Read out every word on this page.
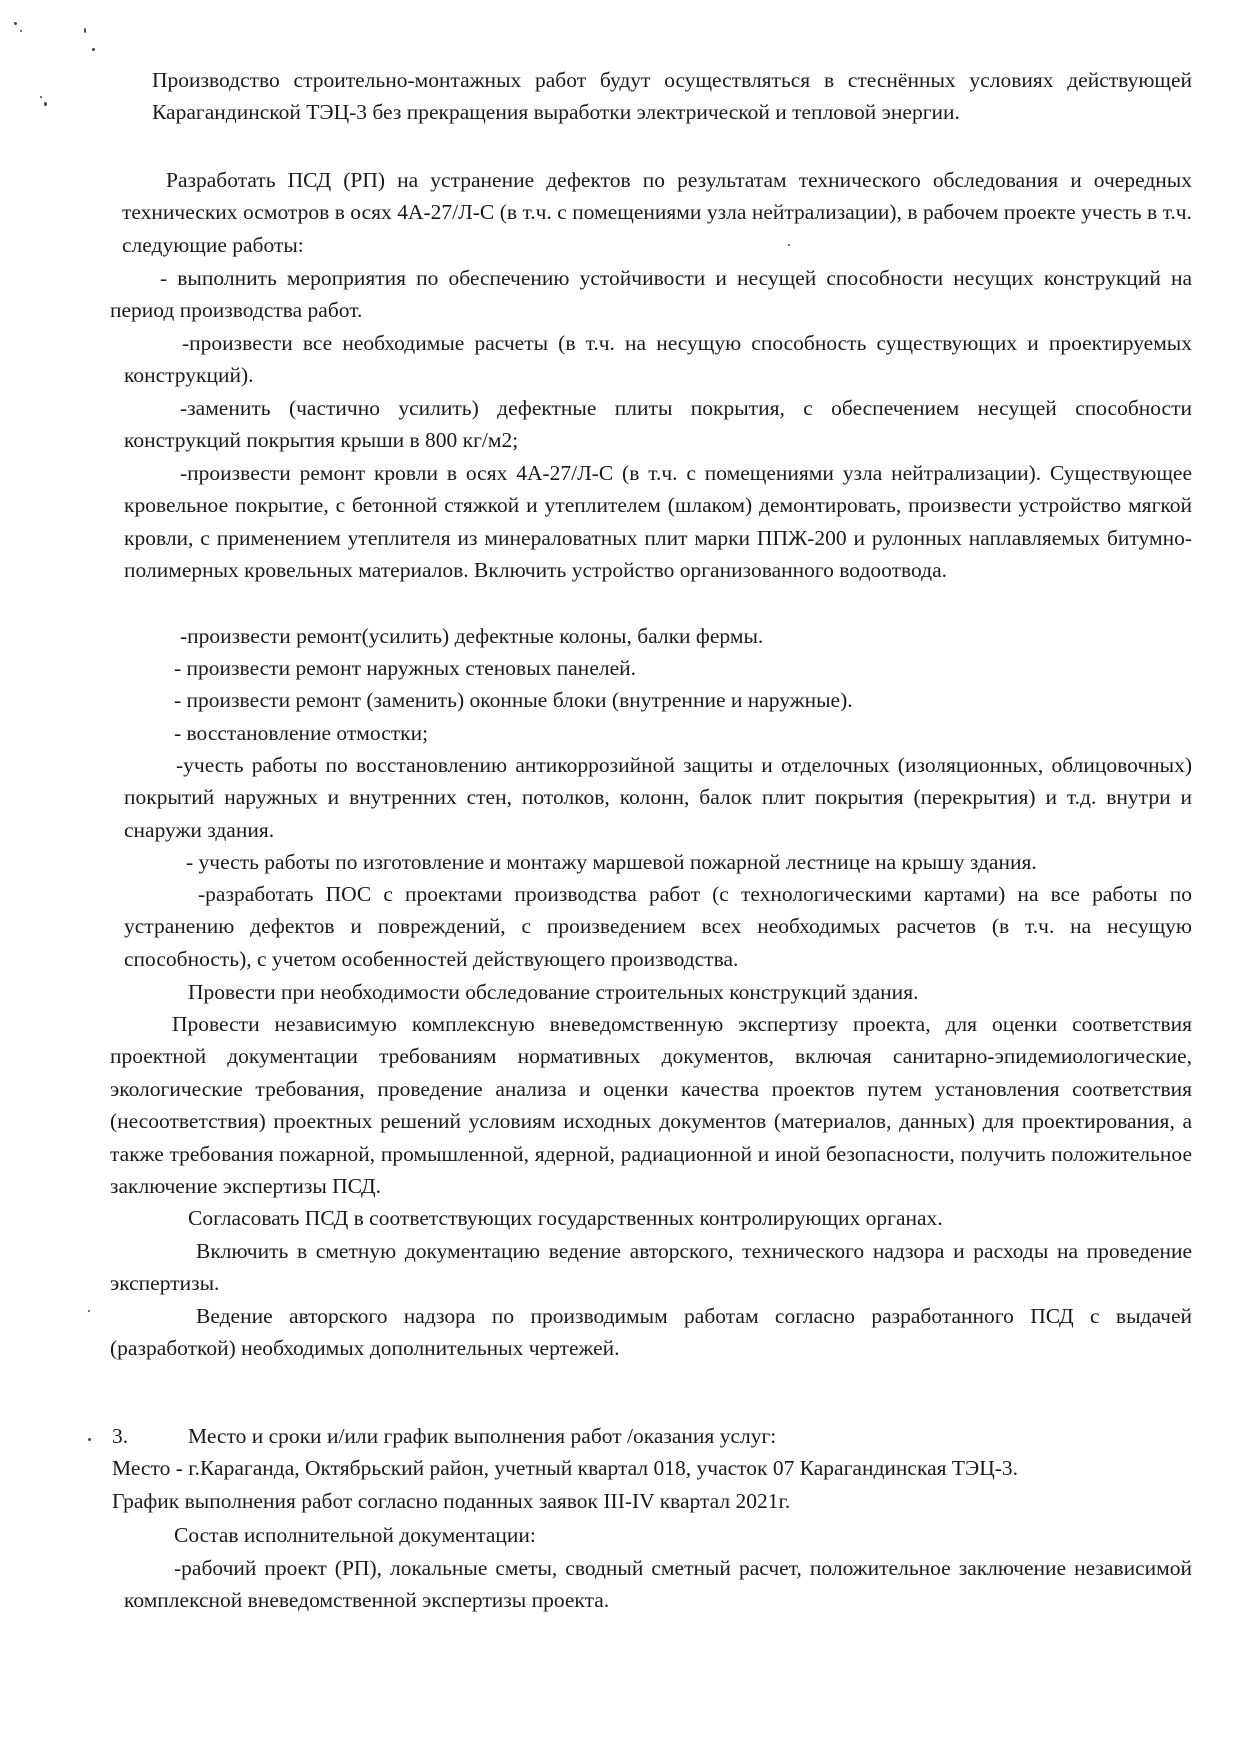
Производство строительно-монтажных работ будут осуществляться в стеснённых условиях действующей Карагандинской ТЭЦ-3 без прекращения выработки электрической и тепловой энергии.

Разработать ПСД (РП) на устранение дефектов по результатам технического обследования и очередных технических осмотров в осях 4А-27/Л-С (в т.ч. с помещениями узла нейтрализации), в рабочем проекте учесть в т.ч. следующие работы:

- выполнить мероприятия по обеспечению устойчивости и несущей способности несущих конструкций на период производства работ.

-произвести все необходимые расчеты (в т.ч. на несущую способность существующих и проектируемых конструкций).

-заменить (частично усилить) дефектные плиты покрытия, с обеспечением несущей способности конструкций покрытия крыши в 800 кг/м2;

-произвести ремонт кровли в осях 4А-27/Л-С (в т.ч. с помещениями узла нейтрализации). Существующее кровельное покрытие, с бетонной стяжкой и утеплителем (шлаком) демонтировать, произвести устройство мягкой кровли, с применением утеплителя из минераловатных плит марки ППЖ-200 и рулонных наплавляемых битумно-полимерных кровельных материалов. Включить устройство организованного водоотвода.

-произвести ремонт(усилить) дефектные колоны, балки фермы.

- произвести ремонт наружных стеновых панелей.

- произвести ремонт (заменить) оконные блоки (внутренние и наружные).

- восстановление отмостки;

-учесть работы по восстановлению антикоррозийной защиты и отделочных (изоляционных, облицовочных) покрытий наружных и внутренних стен, потолков, колонн, балок плит покрытия (перекрытия) и т.д. внутри и снаружи здания.

- учесть работы по изготовление и монтажу маршевой пожарной лестнице на крышу здания.

-разработать ПОС с проектами производства работ (с технологическими картами) на все работы по устранению дефектов и повреждений, с произведением всех необходимых расчетов (в т.ч. на несущую способность), с учетом особенностей действующего производства.

Провести при необходимости обследование строительных конструкций здания.

Провести независимую комплексную вневедомственную экспертизу проекта, для оценки соответствия проектной документации требованиям нормативных документов, включая санитарно-эпидемиологические, экологические требования, проведение анализа и оценки качества проектов путем установления соответствия (несоответствия) проектных решений условиям исходных документов (материалов, данных) для проектирования, а также требования пожарной, промышленной, ядерной, радиационной и иной безопасности, получить положительное заключение экспертизы ПСД.

Согласовать ПСД в соответствующих государственных контролирующих органах.

Включить в сметную документацию ведение авторского, технического надзора и расходы на проведение экспертизы.

Ведение авторского надзора по производимым работам согласно разработанного ПСД с выдачей (разработкой) необходимых дополнительных чертежей.

3.	Место и сроки и/или график выполнения работ /оказания услуг:

Место - г.Караганда, Октябрьский район, учетный квартал 018, участок 07 Карагандинская ТЭЦ-3.

График выполнения работ согласно поданных заявок III-IV квартал 2021г.

Состав исполнительной документации:

-рабочий проект (РП), локальные сметы, сводный сметный расчет, положительное заключение независимой комплексной вневедомственной экспертизы проекта.
